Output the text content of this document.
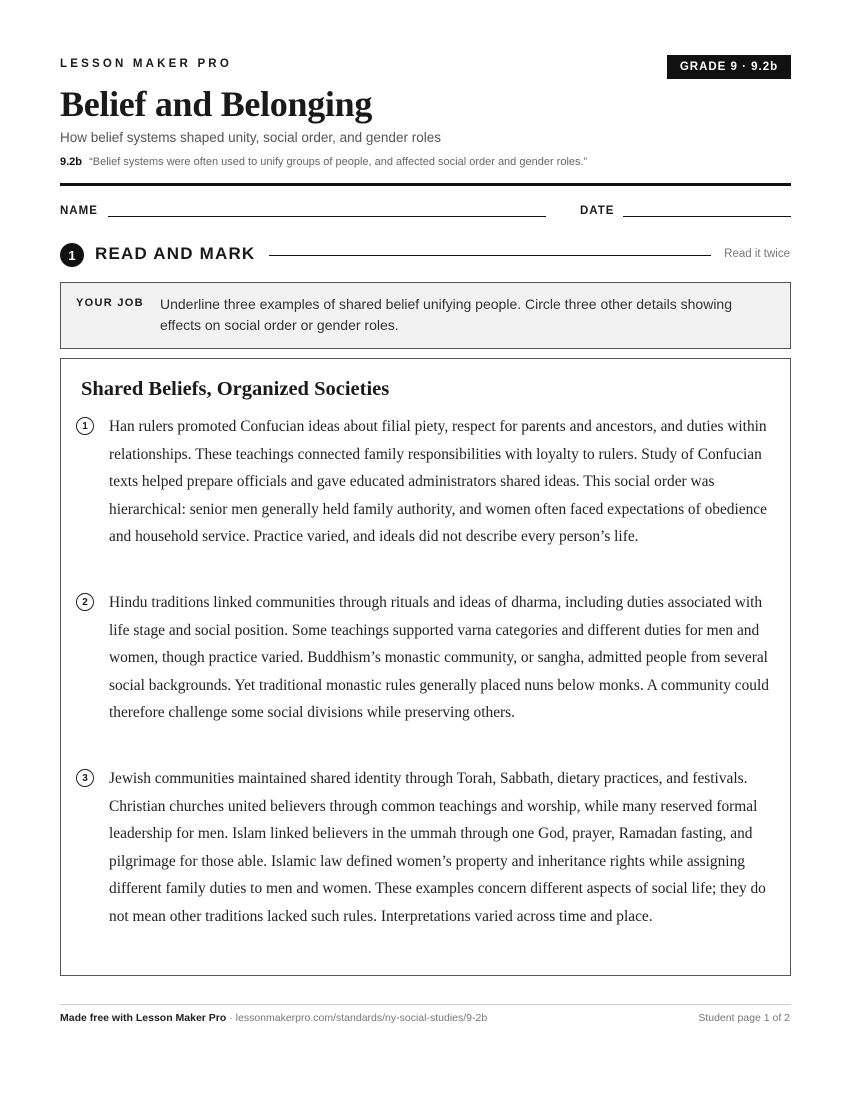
LESSON MAKER PRO	GRADE 9 · 9.2b
Belief and Belonging
How belief systems shaped unity, social order, and gender roles
9.2b “Belief systems were often used to unify groups of people, and affected social order and gender roles.”
NAME	DATE
1	READ AND MARK	Read it twice
YOUR JOB Underline three examples of shared belief unifying people. Circle three other details showing effects on social order or gender roles.
Shared Beliefs, Organized Societies
1	Han rulers promoted Confucian ideas about filial piety, respect for parents and ancestors, and duties within relationships. These teachings connected family responsibilities with loyalty to rulers. Study of Confucian texts helped prepare officials and gave educated administrators shared ideas. This social order was hierarchical: senior men generally held family authority, and women often faced expectations of obedience and household service. Practice varied, and ideals did not describe every person’s life.

2	Hindu traditions linked communities through rituals and ideas of dharma, including duties associated with life stage and social position. Some teachings supported varna categories and different duties for men and women, though practice varied. Buddhism’s monastic community, or sangha, admitted people from several social backgrounds. Yet traditional monastic rules generally placed nuns below monks. A community could therefore challenge some social divisions while preserving others.

3	Jewish communities maintained shared identity through Torah, Sabbath, dietary practices, and festivals. Christian churches united believers through common teachings and worship, while many reserved formal leadership for men. Islam linked believers in the ummah through one God, prayer, Ramadan fasting, and pilgrimage for those able. Islamic law defined women’s property and inheritance rights while assigning different family duties to men and women. These examples concern different aspects of social life; they do not mean other traditions lacked such rules. Interpretations varied across time and place.

Made free with Lesson Maker Pro · lessonmakerpro.com/standards/ny-social-studies/9-2b	Student page 1 of 2
